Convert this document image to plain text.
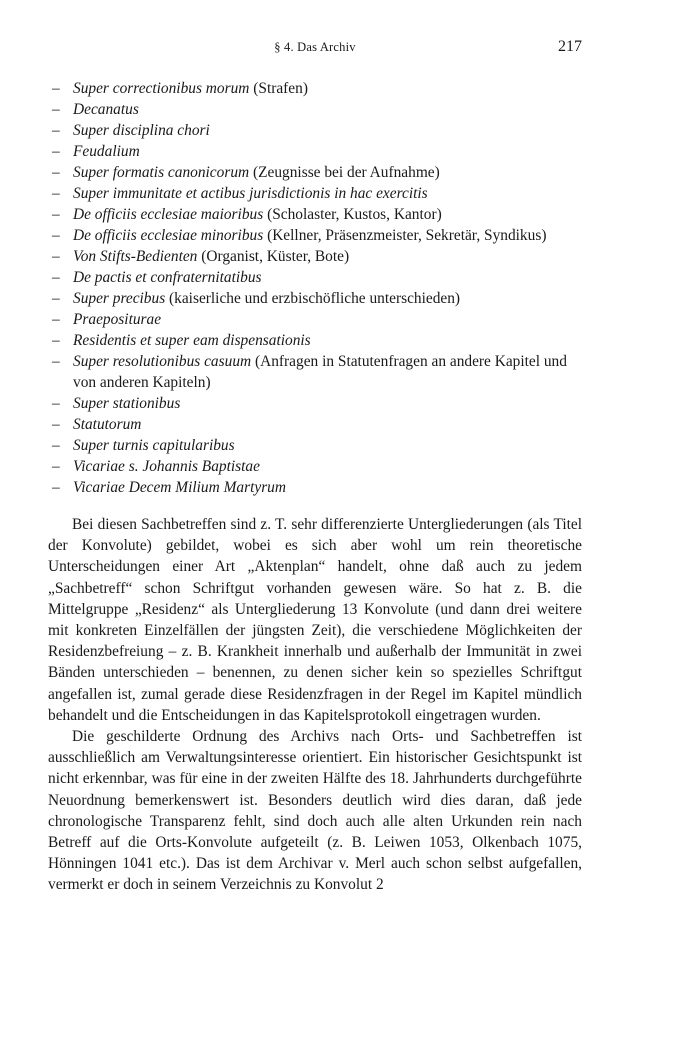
§ 4. Das Archiv	217
– Super correctionibus morum (Strafen)
– Decanatus
– Super disciplina chori
– Feudalium
– Super formatis canonicorum (Zeugnisse bei der Aufnahme)
– Super immunitate et actibus jurisdictionis in hac exercitis
– De officiis ecclesiae maioribus (Scholaster, Kustos, Kantor)
– De officiis ecclesiae minoribus (Kellner, Präsenzmeister, Sekretär, Syndikus)
– Von Stifts-Bedienten (Organist, Küster, Bote)
– De pactis et confraternitatibus
– Super precibus (kaiserliche und erzbischöfliche unterschieden)
– Praepositurae
– Residentis et super eam dispensationis
– Super resolutionibus casuum (Anfragen in Statutenfragen an andere Kapitel und von anderen Kapiteln)
– Super stationibus
– Statutorum
– Super turnis capitularibus
– Vicariae s. Johannis Baptistae
– Vicariae Decem Milium Martyrum

Bei diesen Sachbetreffen sind z. T. sehr differenzierte Untergliederungen (als Titel der Konvolute) gebildet, wobei es sich aber wohl um rein theoretische Unterscheidungen einer Art „Aktenplan“ handelt, ohne daß auch zu jedem „Sachbetreff“ schon Schriftgut vorhanden gewesen wäre. So hat z. B. die Mittelgruppe „Residenz“ als Untergliederung 13 Konvolute (und dann drei weitere mit konkreten Einzelfällen der jüngsten Zeit), die verschiedene Möglichkeiten der Residenzbefreiung – z. B. Krankheit innerhalb und außerhalb der Immunität in zwei Bänden unterschieden – benennen, zu denen sicher kein so spezielles Schriftgut angefallen ist, zumal gerade diese Residenzfragen in der Regel im Kapitel mündlich behandelt und die Entscheidungen in das Kapitelsprotokoll eingetragen wurden.

Die geschilderte Ordnung des Archivs nach Orts- und Sachbetreffen ist ausschließlich am Verwaltungsinteresse orientiert. Ein historischer Gesichtspunkt ist nicht erkennbar, was für eine in der zweiten Hälfte des 18. Jahrhunderts durchgeführte Neuordnung bemerkenswert ist. Besonders deutlich wird dies daran, daß jede chronologische Transparenz fehlt, sind doch auch alle alten Urkunden rein nach Betreff auf die Orts-Konvolute aufgeteilt (z. B. Leiwen 1053, Olkenbach 1075, Hönningen 1041 etc.). Das ist dem Archivar v. Merl auch schon selbst aufgefallen, vermerkt er doch in seinem Verzeichnis zu Konvolut 2
